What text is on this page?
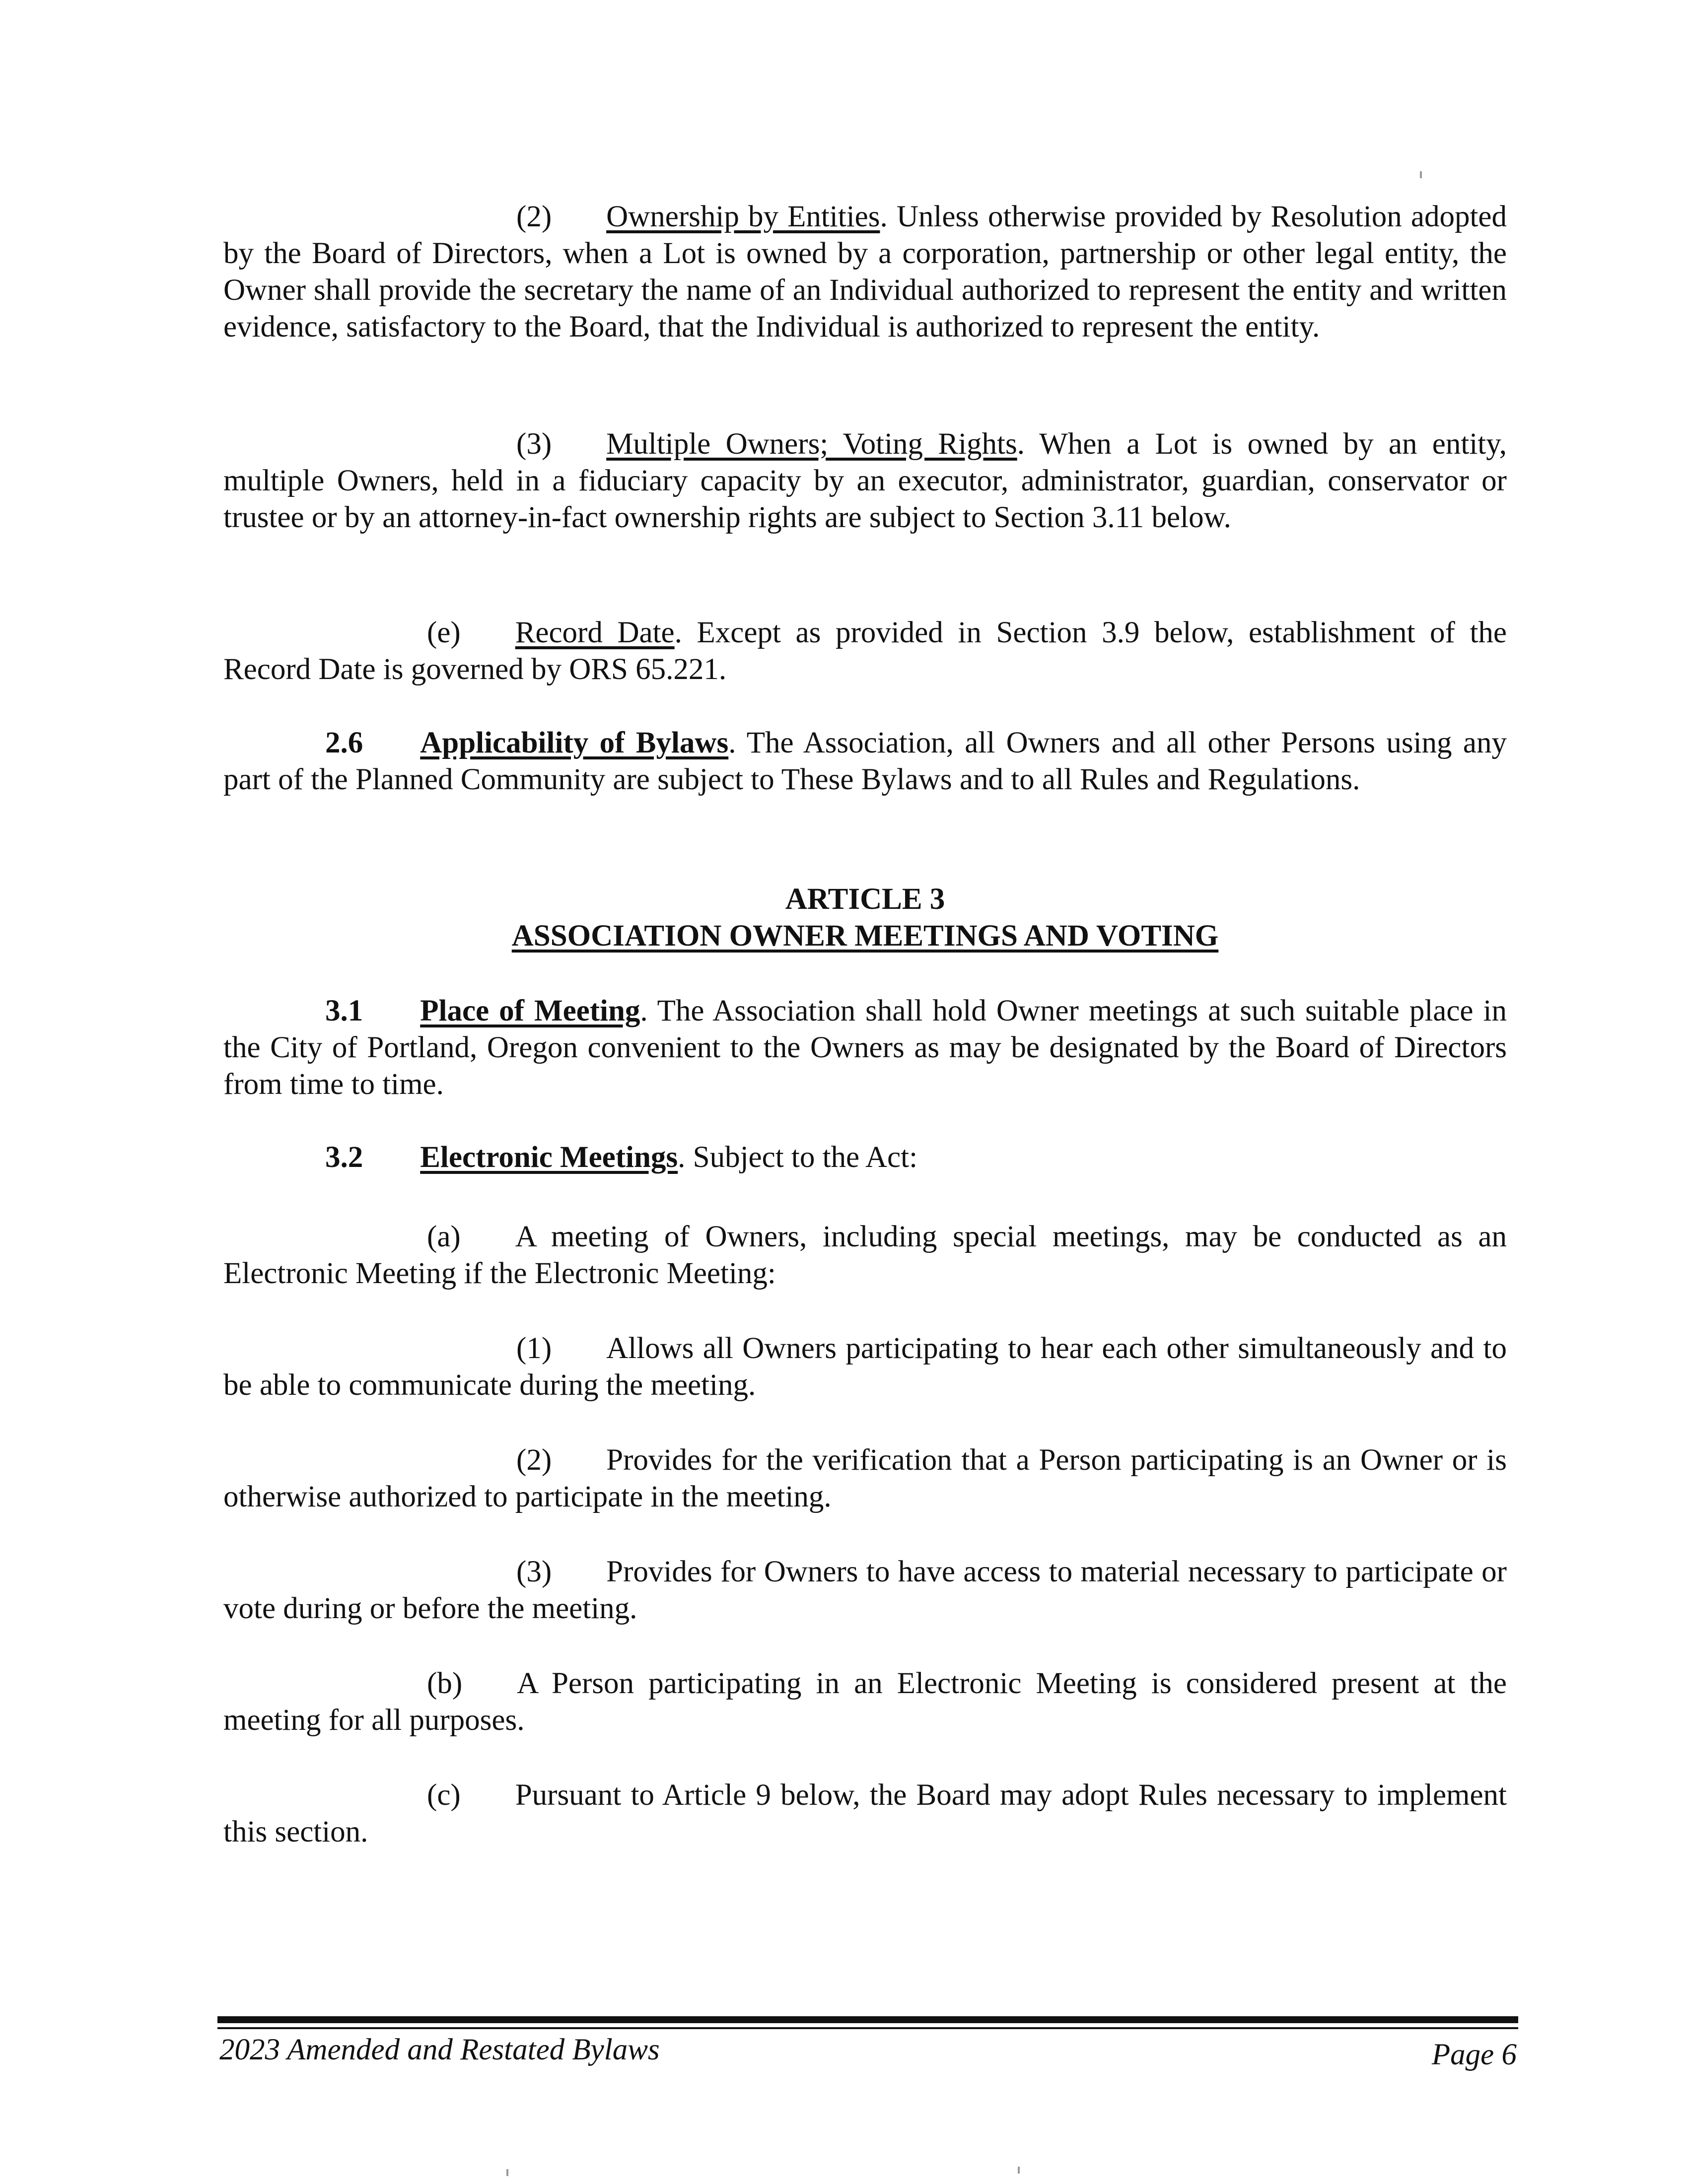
(2) Ownership by Entities. Unless otherwise provided by Resolution adopted by the Board of Directors, when a Lot is owned by a corporation, partnership or other legal entity, the Owner shall provide the secretary the name of an Individual authorized to represent the entity and written evidence, satisfactory to the Board, that the Individual is authorized to represent the entity.

(3) Multiple Owners; Voting Rights. When a Lot is owned by an entity, multiple Owners, held in a fiduciary capacity by an executor, administrator, guardian, conservator or trustee or by an attorney-in-fact ownership rights are subject to Section 3.11 below.

(e) Record Date. Except as provided in Section 3.9 below, establishment of the Record Date is governed by ORS 65.221.

2.6 Applicability of Bylaws. The Association, all Owners and all other Persons using any part of the Planned Community are subject to These Bylaws and to all Rules and Regulations.

ARTICLE 3

ASSOCIATION OWNER MEETINGS AND VOTING

3.1 Place of Meeting. The Association shall hold Owner meetings at such suitable place in the City of Portland, Oregon convenient to the Owners as may be designated by the Board of Directors from time to time.

3.2 Electronic Meetings. Subject to the Act:

(a) A meeting of Owners, including special meetings, may be conducted as an Electronic Meeting if the Electronic Meeting:

(1) Allows all Owners participating to hear each other simultaneously and to be able to communicate during the meeting.

(2) Provides for the verification that a Person participating is an Owner or is otherwise authorized to participate in the meeting.

(3) Provides for Owners to have access to material necessary to participate or vote during or before the meeting.

(b) A Person participating in an Electronic Meeting is considered present at the meeting for all purposes.

(c) Pursuant to Article 9 below, the Board may adopt Rules necessary to implement this section.

2023 Amended and Restated Bylaws	Page 6
